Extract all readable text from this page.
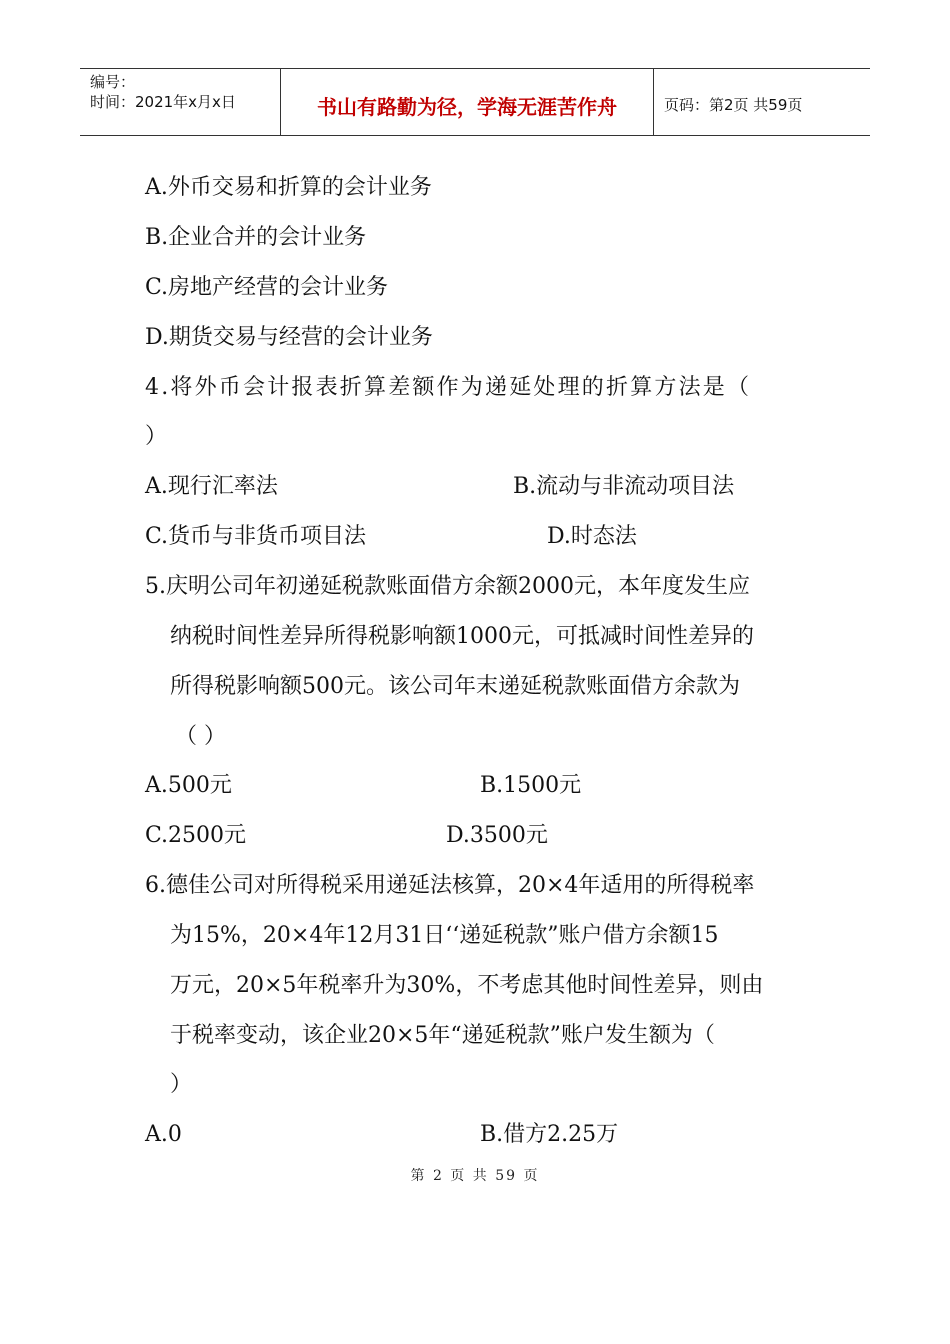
编号：
时间：2021年x月x日	书山有路勤为径，学海无涯苦作舟	页码：第2页 共59页
A.外币交易和折算的会计业务
B.企业合并的会计业务
C.房地产经营的会计业务
D.期货交易与经营的会计业务
4.将外币会计报表折算差额作为递延处理的折算方法是（
）
A.现行汇率法	B.流动与非流动项目法
C.货币与非货币项目法	D.时态法
5.庆明公司年初递延税款账面借方余额2000元，本年度发生应
纳税时间性差异所得税影响额1000元，可抵减时间性差异的
所得税影响额500元。该公司年末递延税款账面借方余款为
（ ）
A.500元	B.1500元
C.2500元	D.3500元
6.德佳公司对所得税采用递延法核算，20×4年适用的所得税率
为15%，20×4年12月31日‘‘递延税款”账户借方余额15
万元，20×5年税率升为30%，不考虑其他时间性差异，则由
于税率变动，该企业20×5年“递延税款”账户发生额为（
）
A.0	B.借方2.25万
第 2 页 共 59 页
